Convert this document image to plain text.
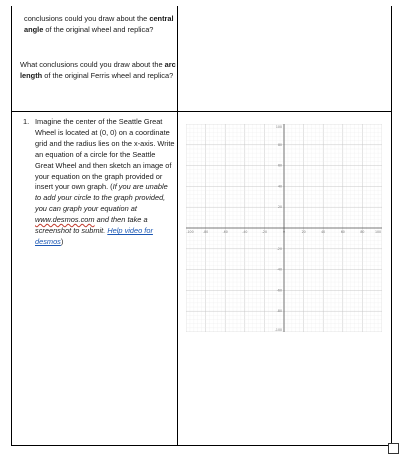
conclusions could you draw about the central angle of the original wheel and replica?
What conclusions could you draw about the arc length of the original Ferris wheel and replica?
1. Imagine the center of the Seattle Great Wheel is located at (0, 0) on a coordinate grid and the radius lies on the x-axis. Write an equation of a circle for the Seattle Great Wheel and then sketch an image of your equation on the graph provided or insert your own graph. (If you are unable to add your circle to the graph provided, you can graph your equation at www.desmos.com and then take a screenshot to submit. Help video for desmos)
-100	-80	-60	-40	-20	0	20	40	60	80	100
100
80
60
40
20
-20
-40
-60
-80
-100
